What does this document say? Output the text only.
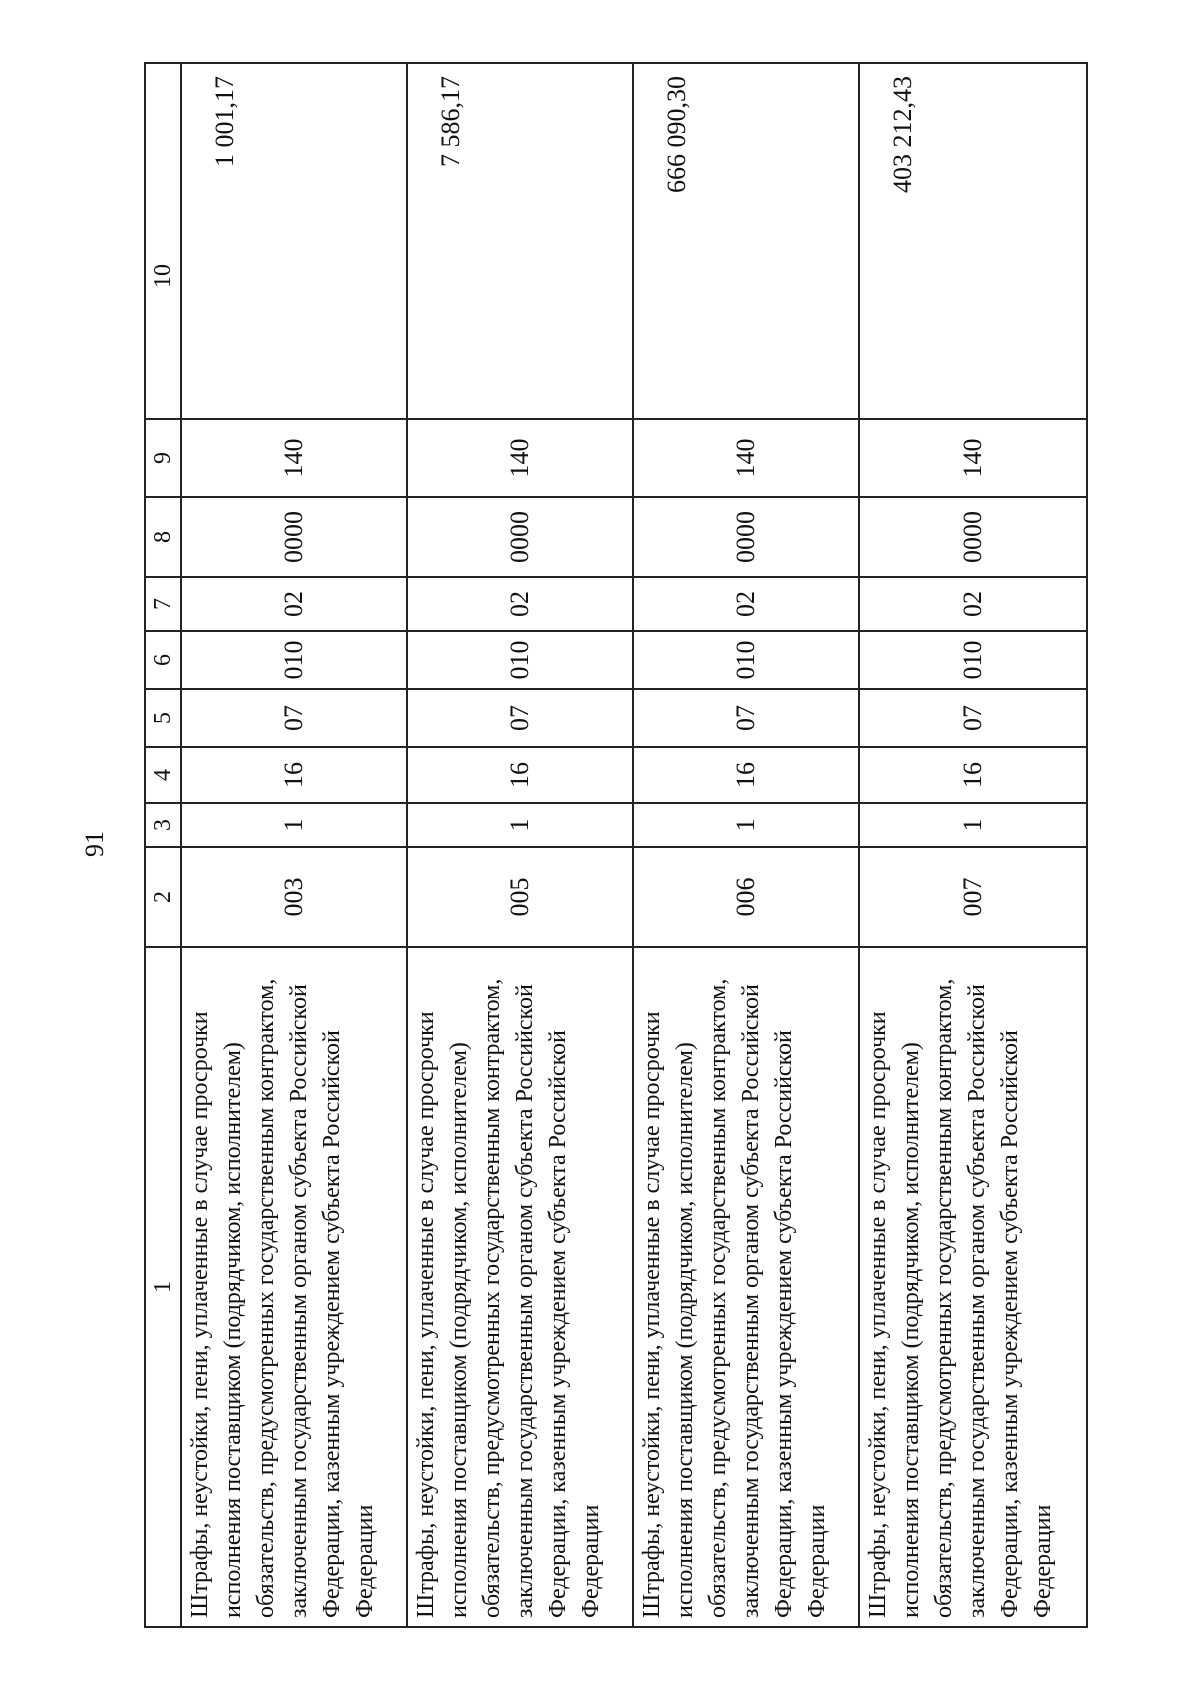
91
1	2	3	4	5	6	7	8	9	10
Штрафы, неустойки, пени, уплаченные в случае просрочки исполнения поставщиком (подрядчиком, исполнителем) обязательств, предусмотренных государственным контрактом, заключенным государственным органом субъекта Российской Федерации, казенным учреждением субъекта Российской Федерации	003	1	16	07	010	02	0000	140	1 001,17
Штрафы, неустойки, пени, уплаченные в случае просрочки исполнения поставщиком (подрядчиком, исполнителем) обязательств, предусмотренных государственным контрактом, заключенным государственным органом субъекта Российской Федерации, казенным учреждением субъекта Российской Федерации	005	1	16	07	010	02	0000	140	7 586,17
Штрафы, неустойки, пени, уплаченные в случае просрочки исполнения поставщиком (подрядчиком, исполнителем) обязательств, предусмотренных государственным контрактом, заключенным государственным органом субъекта Российской Федерации, казенным учреждением субъекта Российской Федерации	006	1	16	07	010	02	0000	140	666 090,30
Штрафы, неустойки, пени, уплаченные в случае просрочки исполнения поставщиком (подрядчиком, исполнителем) обязательств, предусмотренных государственным контрактом, заключенным государственным органом субъекта Российской Федерации, казенным учреждением субъекта Российской Федерации	007	1	16	07	010	02	0000	140	403 212,43
